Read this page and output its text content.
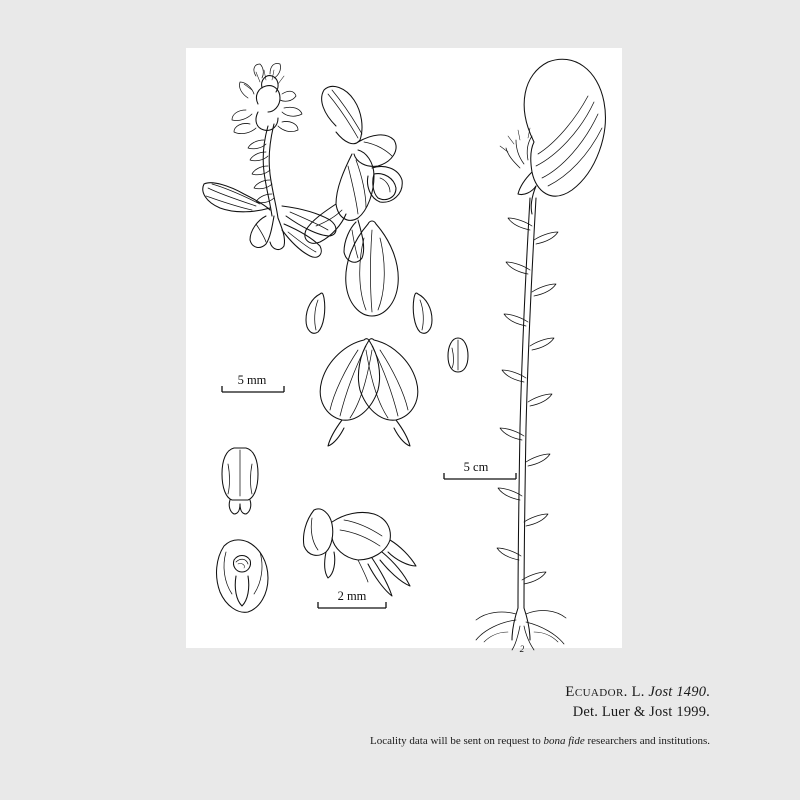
2
5 mm
2 mm
5 cm
Ecuador. L. Jost 1490.
Det. Luer & Jost 1999.
Locality data will be sent on request to bona fide researchers and institutions.
